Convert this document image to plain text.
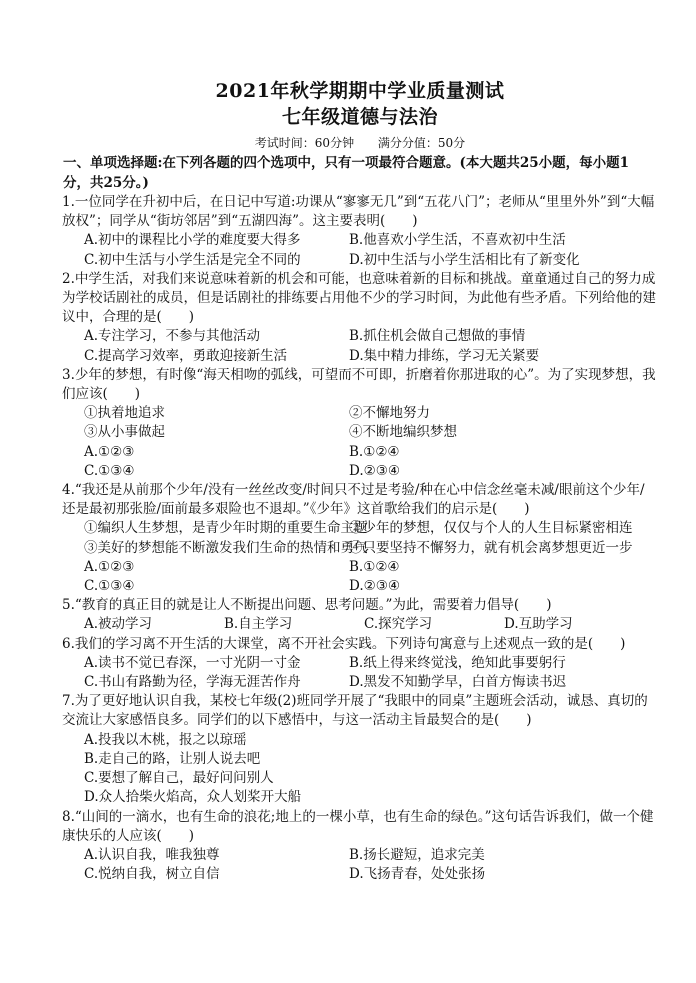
2021年秋学期期中学业质量测试
七年级道德与法治
考试时间：60分钟 满分分值：50分
一、单项选择题:在下列各题的四个选项中，只有一项最符合题意。(本大题共25小题，每小题1分，共25分。)
1.一位同学在升初中后，在日记中写道:功课从“寥寥无几”到“五花八门”；老师从“里里外外”到“大幅放权”；同学从“街坊邻居”到“五湖四海”。这主要表明(　　)
A.初中的课程比小学的难度要大得多	B.他喜欢小学生活，不喜欢初中生活
C.初中生活与小学生活是完全不同的	D.初中生活与小学生活相比有了新变化
2.中学生活，对我们来说意味着新的机会和可能，也意味着新的目标和挑战。童童通过自己的努力成为学校话剧社的成员，但是话剧社的排练要占用他不少的学习时间，为此他有些矛盾。下列给他的建议中，合理的是(　　)
A.专注学习，不参与其他活动	B.抓住机会做自己想做的事情
C.提高学习效率，勇敢迎接新生活	D.集中精力排练，学习无关紧要
3.少年的梦想，有时像“海天相吻的弧线，可望而不可即，折磨着你那进取的心”。为了实现梦想，我们应该(　　)
①执着地追求	②不懈地努力
③从小事做起	④不断地编织梦想
A.①②③	B.①②④
C.①③④	D.②③④
4.“我还是从前那个少年/没有一丝丝改变/时间只不过是考验/种在心中信念丝毫未减/眼前这个少年/还是最初那张脸/面前最多艰险也不退却。”《少年》这首歌给我们的启示是(　　)
①编织人生梦想，是青少年时期的重要生命主题
②少年的梦想，仅仅与个人的人生目标紧密相连
③美好的梦想能不断激发我们生命的热情和勇气
④只要坚持不懈努力，就有机会离梦想更近一步
A.①②③	B.①②④
C.①③④	D.②③④
5.“教育的真正目的就是让人不断提出问题、思考问题。”为此，需要着力倡导(　　)
A.被动学习	B.自主学习	C.探究学习	D.互助学习
6.我们的学习离不开生活的大课堂，离不开社会实践。下列诗句寓意与上述观点一致的是(　　)
A.读书不觉已春深，一寸光阴一寸金	B.纸上得来终觉浅，绝知此事要躬行
C.书山有路勤为径，学海无涯苦作舟	D.黑发不知勤学早，白首方悔读书迟
7.为了更好地认识自我，某校七年级(2)班同学开展了“我眼中的同桌”主题班会活动，诚恳、真切的交流让大家感悟良多。同学们的以下感悟中，与这一活动主旨最契合的是(　　)
A.投我以木桃，报之以琼瑶
B.走自己的路，让别人说去吧
C.要想了解自己，最好问问别人
D.众人拾柴火焰高，众人划桨开大船
8.“山间的一滴水，也有生命的浪花;地上的一棵小草，也有生命的绿色。”这句话告诉我们，做一个健康快乐的人应该(　　)
A.认识自我，唯我独尊	B.扬长避短，追求完美
C.悦纳自我，树立自信	D.飞扬青春，处处张扬
